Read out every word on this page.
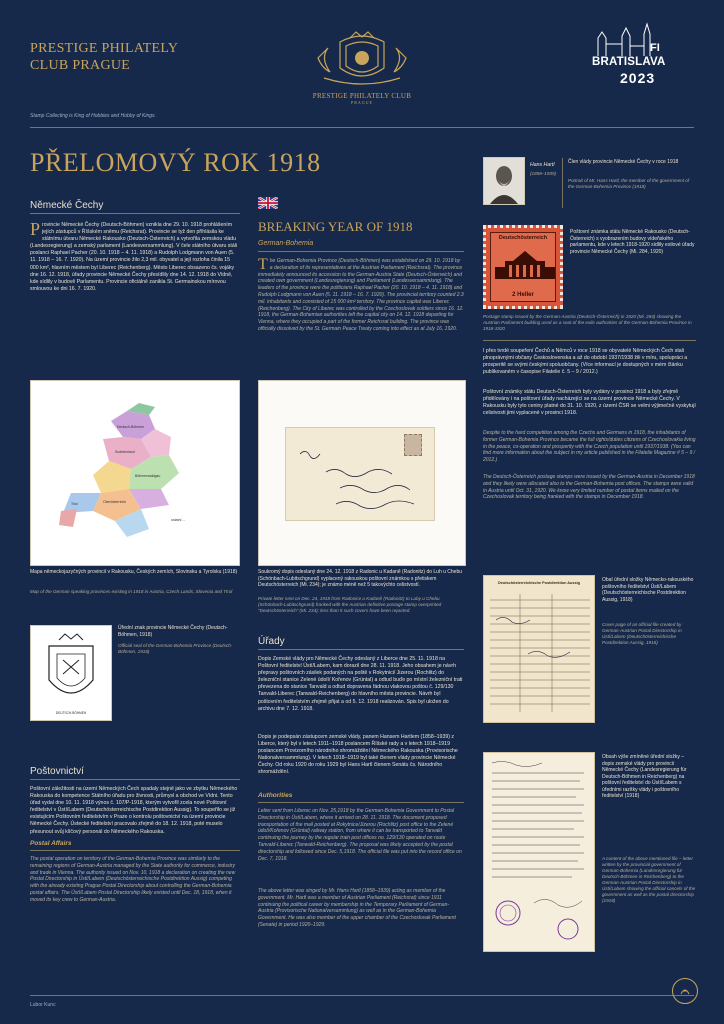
PRESTIGE PHILATELY
CLUB PRAGUE
PRESTIGE PHILATELY CLUB
PRAGUE
FI
BRATISLAVA
2023
Stamp Collecting is King of Hobbies and Hobby of Kings.
PŘELOMOVÝ ROK 1918
Německé Čechy
Provincie Německé Čechy (Deutsch-Böhmen) vznikla dne 29. 10. 1918 prohlášením jejích zástupců v Říšském sněmu (Reichsrat). Provincie se tyž den přihlásila ke státnímu útvaru Německé Rakousko (Deutsch-Österreich) a vytvořila zemskou vládu (Landesregierung) a zemský parlament (Landesversammlung). V čele státního útvaru stáli poslanci Raphael Pacher (20. 10. 1918 – 4. 11. 1918) a Rudolph Lodgmann von Auen (5. 11. 1918 – 16. 7. 1920). Na území provincie žilo 2,3 mil. obyvatel a její rozloha činila 15 000 km², hlavním městem byl Liberec (Reichenberg). Město Liberec obsazeno čs. vojáky dne 16. 12. 1918, úřady provincie Německé Čechy přesídlily dne 14. 12. 1918 do Vídně, kde sídlily v budově Parlamentu. Provincie oficiálně zanikla St. Germainskou mírovou smlouvou ke dni 16. 7. 1920.
Deutsch-Böhmen
Sudetenland
Böhmerwaldgau
Oberösterreich
Tirol
ostatní ...
Mapa německojazyčných provincií v Rakousku, Českých zemích, Slovinsku a Tyrolsku (1918)
Map of the German speaking provinces existing in 1918 in Austria, Czech Lands, Slovenia and Tirol
DEUTSCH-BÖHMEN
Úřední znak provincie Německé Čechy (Deutsch-Böhmen, 1918)
Official seal of the German-Bohemia Province (Deutsch-Böhmen, 1918)
Poštovnictví
Poštovní záležitosti na území Německých Čech spadaly stejně jako ve zbytku Německého Rakouska do kompetence Státního úřadu pro živnosti, průmysl a obchod ve Vídni. Tento úřad vydal dne 10. 11. 1918 výnos č. 107/P-1918, kterým vytvořil zcela nové Poštovní ředitelství v Ústí/Labem (Deutschösterreichische Postdirektion Aussig). To soupeřilo se již existujícím Poštovním ředitelstvím v Praze o kontrolu poštovnictví na území provincie Německé Čechy. Ústecké ředitelství pracovalo zřejmě do 18. 12. 1918, poté muselo přesunout svůj klíčový personál do Německého Rakouska.
Postal Affairs
The postal operation on territory of the German-Bohemia Province was similarly to the remaining regions of German-Austria managed by the State authority for commerce, industry and trade in Vienna. The authority issued on Nov. 10, 1918 a declaration on creating the new Postal Directorship in Ústí/Labem (Deutschösterreichische Postdirektion Aussig) competing with the already existing Prague Postal Directorship about controlling the German-Bohemia postal affairs. The Ústí/Labem Postal Directorship likely existed until Dec. 18, 1918, when it moved its key crew to German-Austria.
Lubor Kunc
BREAKING YEAR OF 1918
German-Bohemia
The German-Bohemia Province (Deutsch-Böhmen) was established on 29. 10. 1918 by a declaration of its representatives at the Austrian Parliament (Reichsrat). The province immediately announced its accession to the German-Austria State (Deutsch-Österreich) and created own government (Landesregierung) and Parliament (Landesversammlung). The leaders of the province were the politicians Raphael Pacher (20. 10. 1918 – 4. 11. 1918) and Rudolph Lodgmann von Auen (5. 11. 1918 – 16. 7. 1920). The provincial territory counted 2.3 mil. inhabitants and consisted of 15 000 km² territory. The province capital was Liberec (Reichenberg). The City of Liberec was controlled by the Czechoslovak soldiers since 16. 12. 1918, the German-Bohemian authorities left the capital city on 14. 12. 1918 departing for Vienna, where they occupied a part of the former Reichsrat building. The province was officially dissolved by the St. Germain Peace Treaty coming into effect as at July 16, 1920.
Soukromý dopis odeslaný dne 24. 12. 1918 z Radonic u Kadaně (Radonitz) do Luh u Chebu (Schönbach-Lubitschgrund) vyplacený rakouskou poštovní známkou s přetiskem Deutschösterreich (Mi. 234); je známo méně než 5 takovýchto celistvostí.
Private letter sent on Dec. 24, 1918 from Radonice u Kadaně (Radonitz) to Luby u Chebu (Schönbach-Lubitschgrund) franked with the Austrian definitive postage stamp overprinted "Deutschösterreich" (Mi. 234); less than 5 such covers have been reported.
Úřady
Dopis Zemské vlády pro Německé Čechy odeslaný z Liberce dne 25. 11. 1918 na Poštovní ředitelství Ústí/Labem, kam dorazil dne 28. 11. 1918. Jeho obsahem je návrh přepravy poštovních zásilek podaných na poště v Rokytnici/ Jizerou (Rochlitz) do železniční stanice Zelené údolí/ Kořenov (Grüntal) a odtud buďe po místní železniční trati převezena do stanice Tanvald a odtud dopravena řádnou vlakovou poštou č. 129/130 Tanvald-Liberec (Tanwald-Reichenberg) do hlavního města provincie. Návrh byl poštovním ředitelstvím zřejmě přijat a od 5. 12. 1918 realizován. Spis byl uložen do archivu dne 7. 12. 1918.
Dopis je podepsán zástupcem zemské vlády, panem Hansem Hartlem (1858–1939) z Liberce, který byl v letech 1911–1918 poslancem Říšské rady a v letech 1918–1919 poslancem Provizorního národního shromáždění Německého Rakouska (Provisorische Nationalversammlung). V letech 1918–1919 byl také členem vlády provincie Německé Čechy. Od roku 1920 do roku 1929 byl Hans Hartl členem Senátu čs. Národního shromáždění.
Authorities
Letter sent from Liberec on Nov. 25,1918 by the German-Bohemia Government to Postal Directorship in Ústí/Labem, where it arrived on 28. 11. 1918. The document proposed transportation of the mail posted at Rokytnice/Jizerou (Rochlitz) post office to the Zelené údolí/Kořenov (Grüntal) railway station, from where it can be transported to Tanvald continuing the journey by the regular train post offices no. 129/130 operated on route Tanvald-Liberec (Tanwald-Reichenberg). The proposal was likely accepted by the postal directorship and followed since Dec. 5,1918. The official file was put into the record office on Dec. 7, 1918.
The above letter was singed by Mr. Hans Hartl (1858–1939) acting as member of the government. Mr. Hartl was a member of Austrian Parliament (Reichsrat) since 1911 continuing the political career by membership in the Temporary Parliament of German-Austria (Provisorische Nationalversammlung) as well as in the German-Bohemia Government. He was also member of the upper chamber of the Czechoslovak Parliament (Senate) in period 1920–1929.
Hans Hartl
(1858–1939)
Člen vlády provincie Německé Čechy v roce 1918
Portrait of Mr. Hans Hartl, the member of the government of the German-Bohemia Province (1918)
Deutschösterreich
2 Heller
Poštovní známka státu Německé Rakousko (Deutsch-Österreich) s vyobrazením budovy vídeňského parlamentu, kde v letech 1918-1920 sídlily exilové úřady provincie Německé Čechy (Mi. 284, 1920)
Postage stamp issued by the German-Austria (Deutsch-Österreich) in 1920 (Mi. 284) showing the Austrian Parliament building used as a seat of the exile authorities of the German-Bohemia Province in 1918-1920
I přes tvrdé soupeření Čechů a Němců v roce 1918 se obyvatelé Německých Čech stali plnoprávnými občany Československa a až do období 1937/1938 žili v míru, spolupráci a prosperitě se svými českými spoluobčany. (Více informací je dostupných v mém článku publikovaném v časopise Filatelie č. 5 – 9 / 2012.)
Poštovní známky státu Deutsch-Österreich byly vydány v prosinci 1918 a byly zřejmě přidělovány i na poštovní úřady nacházející se na území provincie Německé Čechy. V Rakousku byly tyto ceniny platné do 31. 10. 1920, z území ČSR se velmi výjimečně vyskytují celistvosti jimi vyplacené v prosinci 1918.
Despite to the hard competition among the Czechs and Germans in 1918, the inhabitants of former German-Bohemia Province became the full rights/duties citizens of Czechoslovakia living in the peace, co-operation and prosperity with the Czech population until 1937/1938. (You can find more information about the subject in my article published in the Filatelie Magazine # 5 – 9 / 2012.)
The Deutsch-Österreich postage stamps were issued by the German-Austria in December 1918 and they likely were allocated also to the German-Bohemia post offices. The stamps were valid in Austria until Oct. 31, 1920. We know very limited number of postal items mailed on the Czechoslovak territory being franked with the stamps in December 1918.
Deutschösterreichische Postdirektion Aussig	Obal úřední složky Německo-rakouského poštovního ředitelství Ústí/Labem (Deutschösterreichische Postdirektion Aussig, 1918)
Cover page of an official file created by German-Austrian Postal Directorship in Ústí/Labem (Deutschösterreichische Postdirektion Aussig, 1918)
Obsah výše zmíněné úřední složky – dopis zemské vlády pro provincii Německé Čechy (Landesregierung für Deutsch-Böhmen in Reichenberg) na poštovní ředitelství do Ústí/Labem s úředními razítky vlády i poštovního ředitelství (1918)
A content of the above mentioned file – letter written by the provincial government of German-Bohemia (Landesregierung für Deutsch-Böhmen in Reichenberg) to the German-Austrian Postal Directorship in Ústí/Labem showing the official cancels of the government as well as the postal directorship (1918)
